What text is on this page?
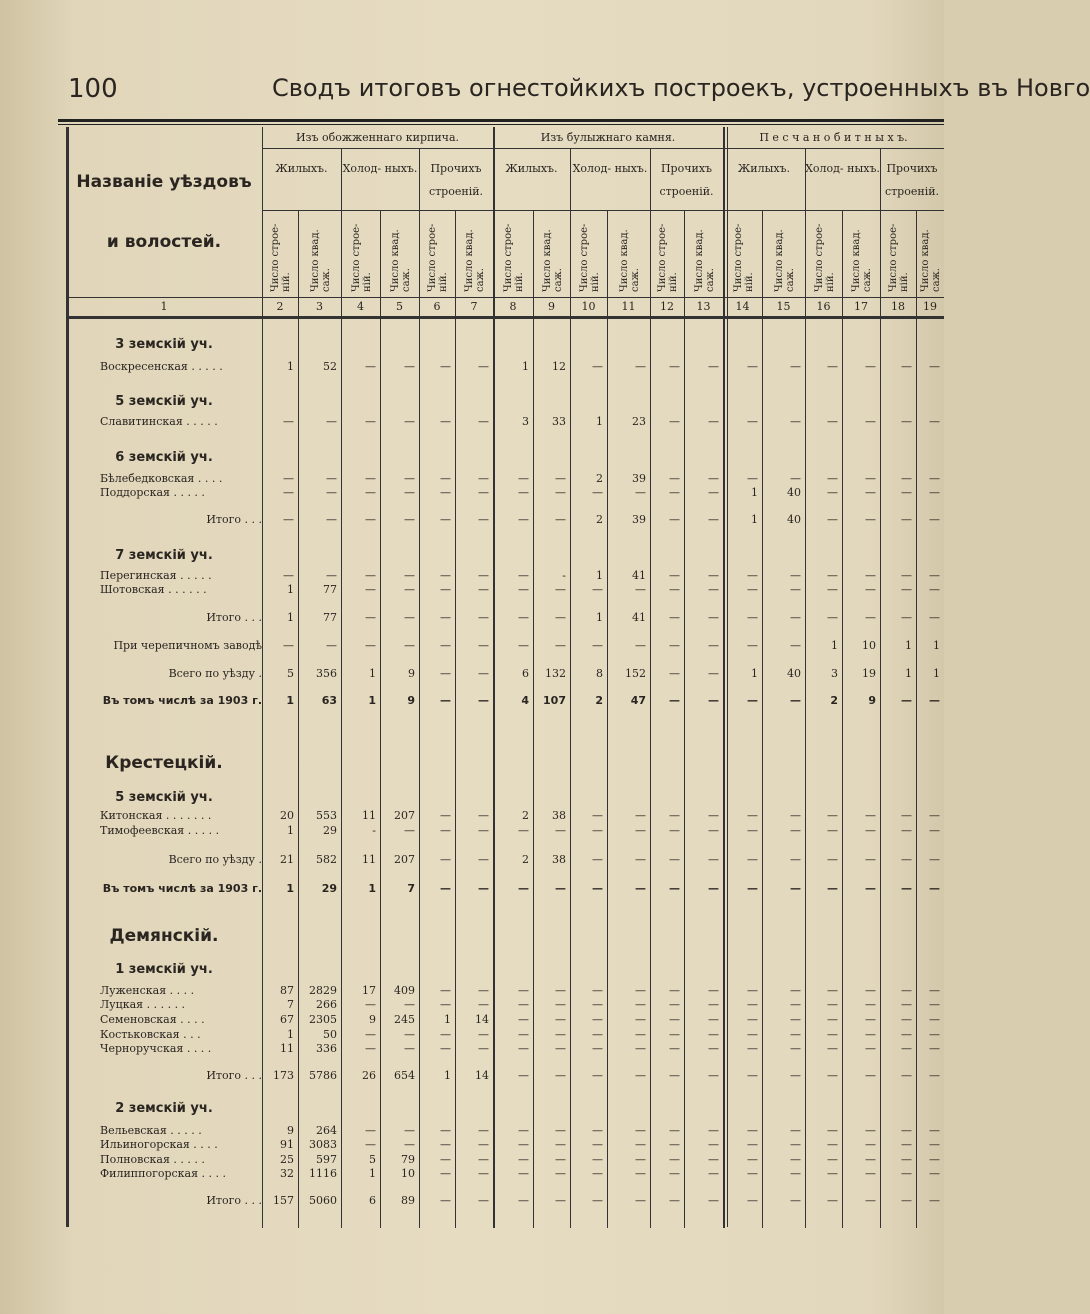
100	Сводъ итоговъ огнестойкихъ построекъ, устроенныхъ въ Новго
Названіе уѣздовъ
и волостей.
Изъ обожженнаго кирпича.	Изъ булыжнаго камня.	П е с ч а н о б и т н ы х ъ.
Жилыхъ.	Холод- ныхъ.	Прочихъ строеній.
Жилыхъ.	Холод- ныхъ.	Прочихъ строеній.
Жилыхъ.	Холод- ныхъ. Прочихъ строеній.
Число строе- ній. Число квад. саж. Число строе- ній. Число квад. саж. Число строе- ній. Число квад. саж. Число строе- ній. Число квад. саж. Число строе- ній. Число квад. саж. Число строе- ній. Число квад. саж. Число строе- ній. Число квад. саж. Число строе- ній. Число квад. саж. Число строе- ній. Число квад. саж.
1	2	3	4	5	6	7	8	9	10	11	12	13	14	15	16	17	18	19
3 земскій уч.
Воскресенская . . . . .	1	52	—	—	—	—	1	12	—	—	—	—	—	—	—	—	—	—
5 земскій уч.
Славитинская . . . . .	—	—	—	—	—	—	3	33	1	23	—	—	—	—	—	—	—	—
6 земскій уч.
Бѣлебедковская . . . .	—	—	—	—	—	—	—	—	2	39	—	—	—	—	—	—	—	—
Поддорская . . . . .	—	—	—	—	—	—	—	—	—	—	—	—	1	40	—	—	—	—
Итого . . .	—	—	—	—	—	—	—	—	2	39	—	—	1	40	—	—	—	—
7 земскій уч.
Перегинская . . . . .	—	—	—	—	—	—	—	-	1	41	—	—	—	—	—	—	—	—
Шотовская . . . . . .	1	77	—	—	—	—	—	—	—	—	—	—	—	—	—	—	—	—
Итого . . .	1	77	—	—	—	—	—	—	1	41	—	—	—	—	—	—	—	—
При черепичномъ заводѣ	—	—	—	—	—	—	—	—	—	—	—	—	—	—	1	10	1	1
Всего по уѣзду .	5	356	1	9	—	—	6	132	8	152	—	—	1	40	3	19	1	1
Въ томъ числѣ за 1903 г.	1	63	1	9	—	—	4	107	2	47	—	—	—	—	2	9	—	—
Крестецкій.
5 земскій уч.
Китонская . . . . . . .	20	553	11	207	—	—	2	38	—	—	—	—	—	—	—	—	—	—
Тимофеевская . . . . .	1	29	-	—	—	—	—	—	—	—	—	—	—	—	—	—	—	—
Всего по уѣзду .	21	582	11	207	—	—	2	38	—	—	—	—	—	—	—	—	—	—
Въ томъ числѣ за 1903 г.	1	29	1	7	—	—	—	—	—	—	—	—	—	—	—	—	—	—
Демянскій.
1 земскій уч.
Луженская . . . .	87	2829	17	409	—	—	—	—	—	—	—	—	—	—	—	—	—	—
Луцкая . . . . . .	7	266	—	—	—	—	—	—	—	—	—	—	—	—	—	—	—	—
Семеновская . . . .	67	2305	9	245	1	14	—	—	—	—	—	—	—	—	—	—	—	—
Костьковская . . .	1	50	—	—	—	—	—	—	—	—	—	—	—	—	—	—	—	—
Черноручская . . . .	11	336	—	—	—	—	—	—	—	—	—	—	—	—	—	—	—	—
Итого . . .	173	5786	26	654	1	14	—	—	—	—	—	—	—	—	—	—	—	—
2 земскій уч.
Вельевская . . . . .	9	264	—	—	—	—	—	—	—	—	—	—	—	—	—	—	—	—
Ильиногорская . . . .	91	3083	—	—	—	—	—	—	—	—	—	—	—	—	—	—	—	—
Полновская . . . . .	25	597	5	79	—	—	—	—	—	—	—	—	—	—	—	—	—	—
Филиппогорская . . . .	32	1116	1	10	—	—	—	—	—	—	—	—	—	—	—	—	—	—
Итого . . .	157	5060	6	89	—	—	—	—	—	—	—	—	—	—	—	—	—	—
